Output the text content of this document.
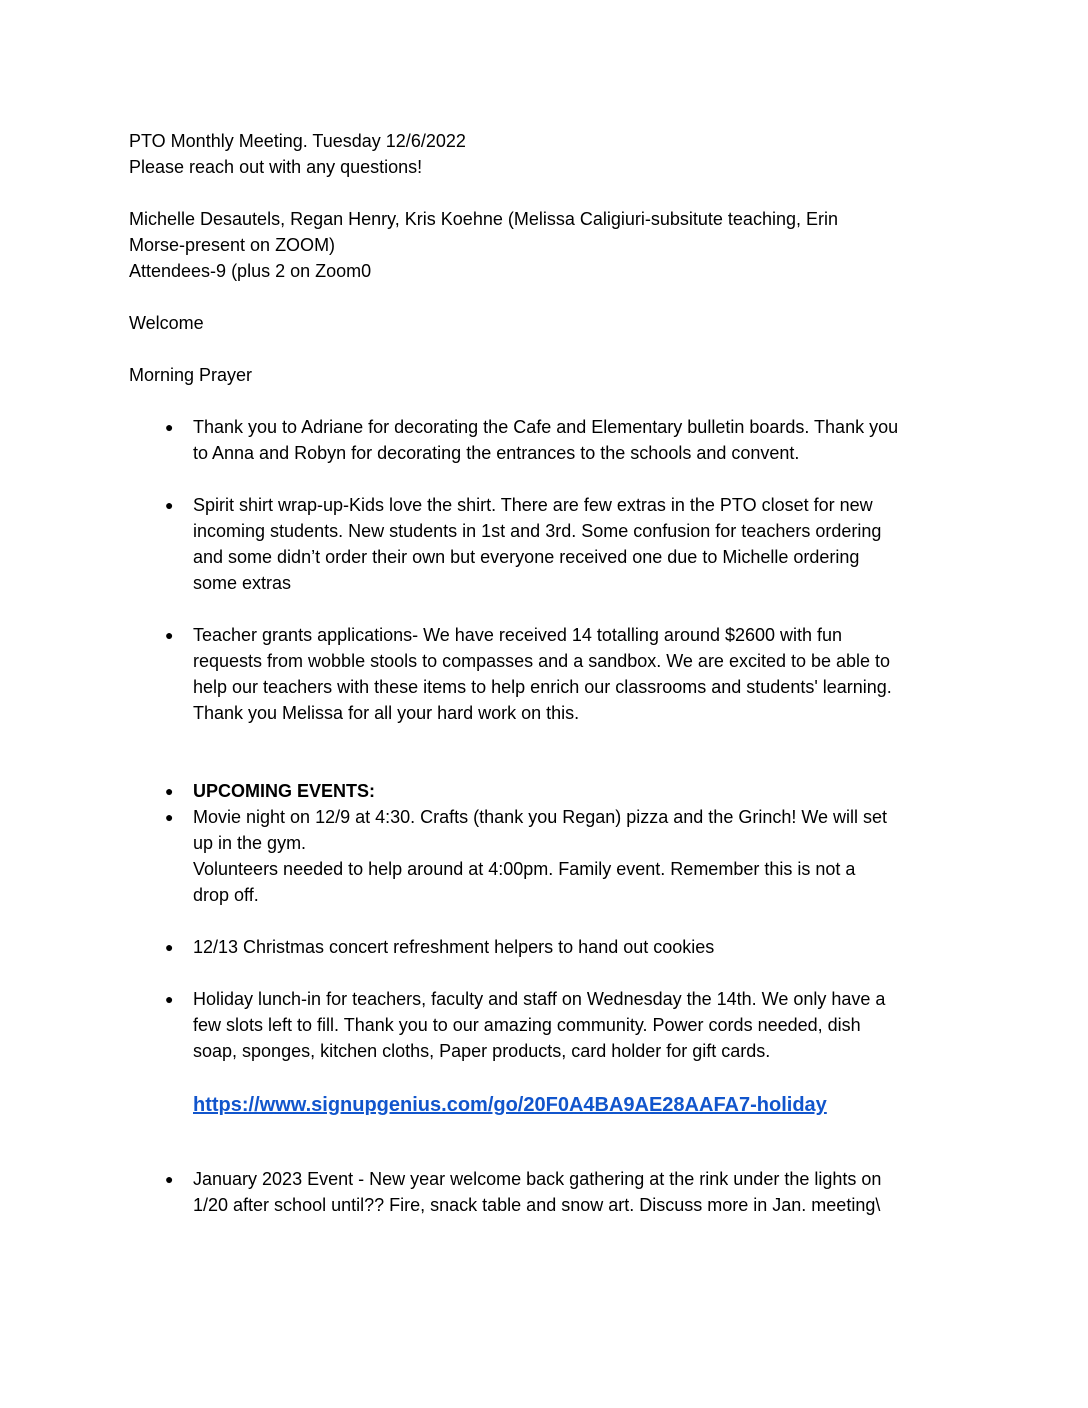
PTO Monthly Meeting. Tuesday 12/6/2022

Please reach out with any questions!

Michelle Desautels, Regan Henry, Kris Koehne (Melissa Caligiuri-subsitute teaching, Erin

Morse-present on ZOOM)

Attendees-9 (plus 2 on Zoom0

Welcome

Morning Prayer

● Thank you to Adriane for decorating the Cafe and Elementary bulletin boards. Thank you
to Anna and Robyn for decorating the entrances to the schools and convent.
● Spirit shirt wrap-up-Kids love the shirt. There are few extras in the PTO closet for new
incoming students. New students in 1st and 3rd. Some confusion for teachers ordering
and some didn’t order their own but everyone received one due to Michelle ordering
some extras
● Teacher grants applications- We have received 14 totalling around $2600 with fun
requests from wobble stools to compasses and a sandbox. We are excited to be able to
help our teachers with these items to help enrich our classrooms and students' learning.
Thank you Melissa for all your hard work on this.
● UPCOMING EVENTS:
● Movie night on 12/9 at 4:30. Crafts (thank you Regan) pizza and the Grinch! We will set
up in the gym.
Volunteers needed to help around at 4:00pm. Family event. Remember this is not a
drop off.
● 12/13 Christmas concert refreshment helpers to hand out cookies
● Holiday lunch-in for teachers, faculty and staff on Wednesday the 14th. We only have a
few slots left to fill. Thank you to our amazing community. Power cords needed, dish
soap, sponges, kitchen cloths, Paper products, card holder for gift cards.
https://www.signupgenius.com/go/20F0A4BA9AE28AAFA7-holiday
● January 2023 Event - New year welcome back gathering at the rink under the lights on
1/20 after school until?? Fire, snack table and snow art. Discuss more in Jan. meeting\
